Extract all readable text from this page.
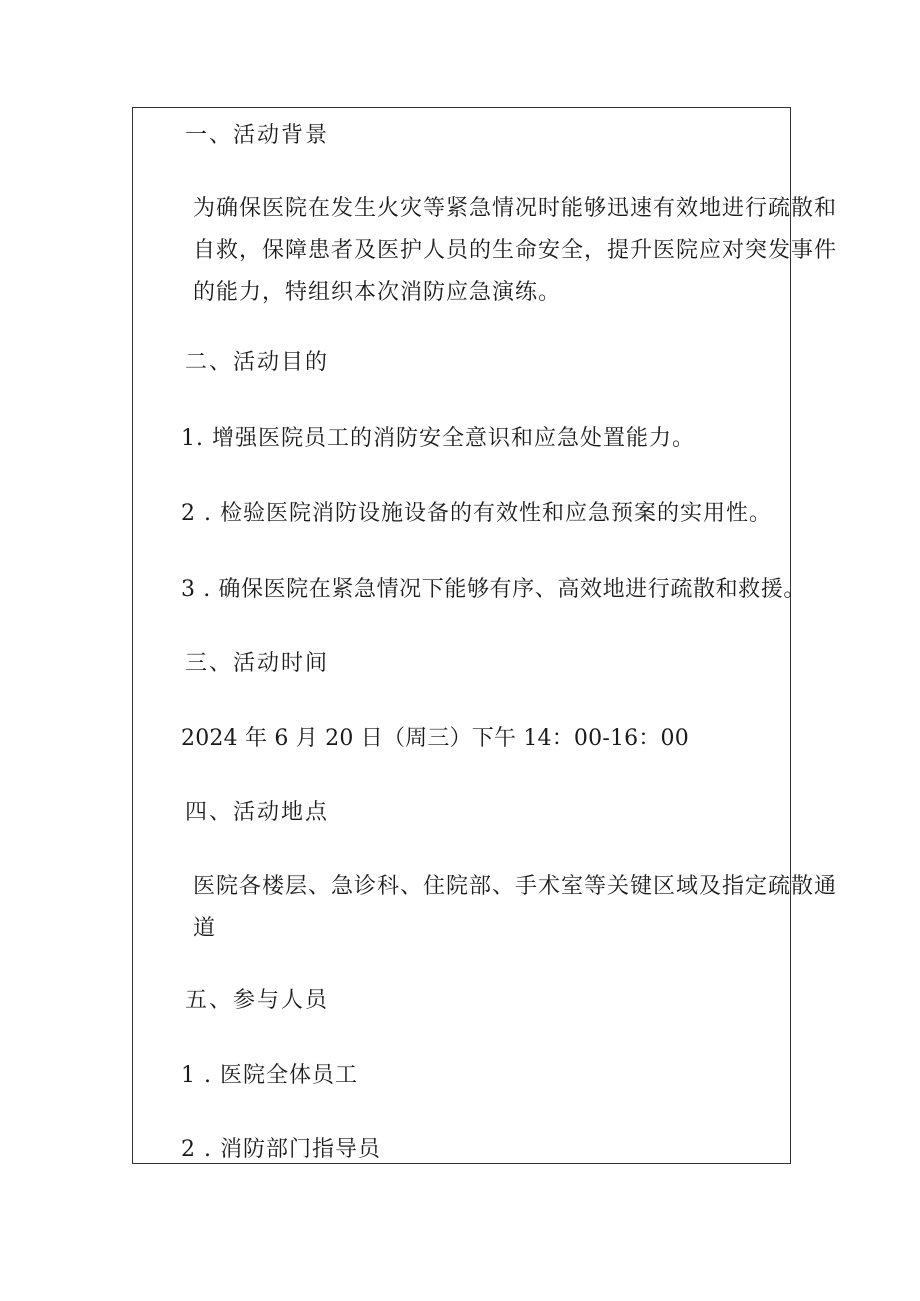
一、活动背景
为确保医院在发生火灾等紧急情况时能够迅速有效地进行疏散和自救，保障患者及医护人员的生命安全，提升医院应对突发事件的能力，特组织本次消防应急演练。
二、活动目的
1. 增强医院员工的消防安全意识和应急处置能力。
2 . 检验医院消防设施设备的有效性和应急预案的实用性。
3 . 确保医院在紧急情况下能够有序、高效地进行疏散和救援。
三、活动时间
2024 年 6 月 20 日（周三）下午 14：00-16：00
四、活动地点
医院各楼层、急诊科、住院部、手术室等关键区域及指定疏散通道
五、参与人员
1 . 医院全体员工
2 . 消防部门指导员
